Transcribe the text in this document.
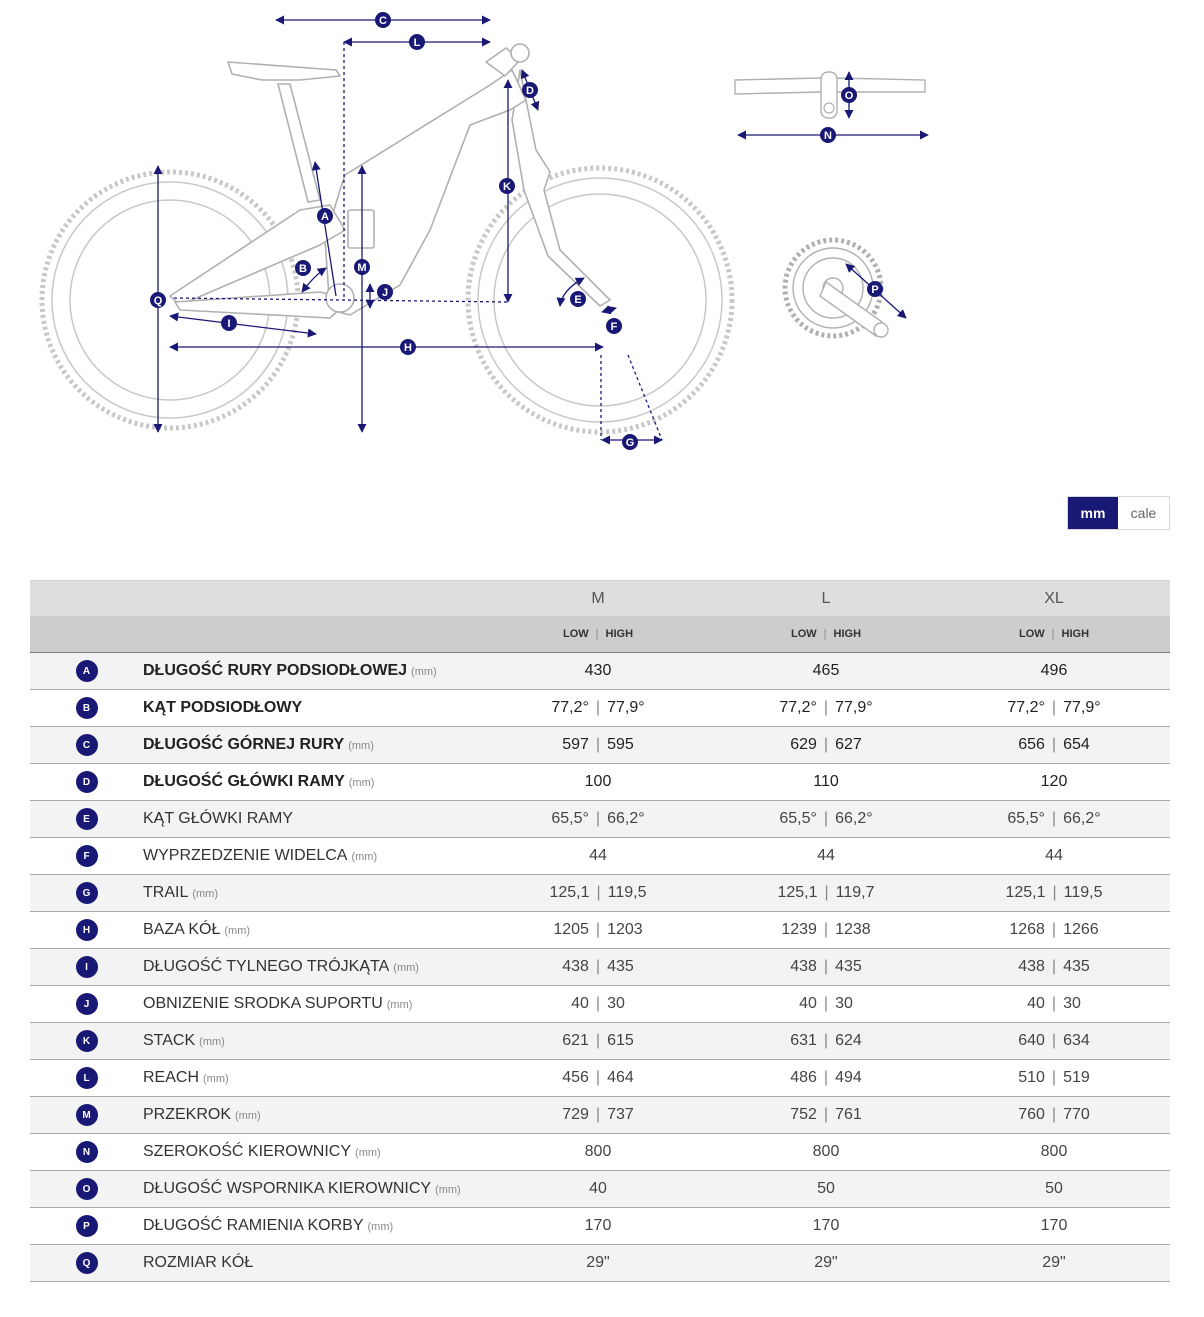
C
L
D
K
A
B	M
J
Q
I
H
E
F
G
O
N
P
mm	cale
M	L	XL
LOW | HIGH	LOW | HIGH	LOW | HIGH
A	DŁUGOŚĆ RURY PODSIODŁOWEJ (mm)	430	465	496
B	KĄT PODSIODŁOWY	77,2° | 77,9°	77,2° | 77,9°	77,2° | 77,9°
C	DŁUGOŚĆ GÓRNEJ RURY (mm)	597 | 595	629 | 627	656 | 654
D	DŁUGOŚĆ GŁÓWKI RAMY (mm)	100	110	120
E	KĄT GŁÓWKI RAMY	65,5° | 66,2°	65,5° | 66,2°	65,5° | 66,2°
F	WYPRZEDZENIE WIDELCA (mm)	44	44	44
G	TRAIL (mm)	125,1 | 119,5	125,1 | 119,7	125,1 | 119,5
H	BAZA KÓŁ (mm)	1205 | 1203	1239 | 1238	1268 | 1266
I	DŁUGOŚĆ TYLNEGO TRÓJKĄTA (mm)	438 | 435	438 | 435	438 | 435
J	OBNIZENIE SRODKA SUPORTU (mm)	40 | 30	40 | 30	40 | 30
K	STACK (mm)	621 | 615	631 | 624	640 | 634
L	REACH (mm)	456 | 464	486 | 494	510 | 519
M	PRZEKROK (mm)	729 | 737	752 | 761	760 | 770
N	SZEROKOŚĆ KIEROWNICY (mm)	800	800	800
O	DŁUGOŚĆ WSPORNIKA KIEROWNICY (mm)	40	50	50
P	DŁUGOŚĆ RAMIENIA KORBY (mm)	170	170	170
Q	ROZMIAR KÓŁ	29"	29"	29"
